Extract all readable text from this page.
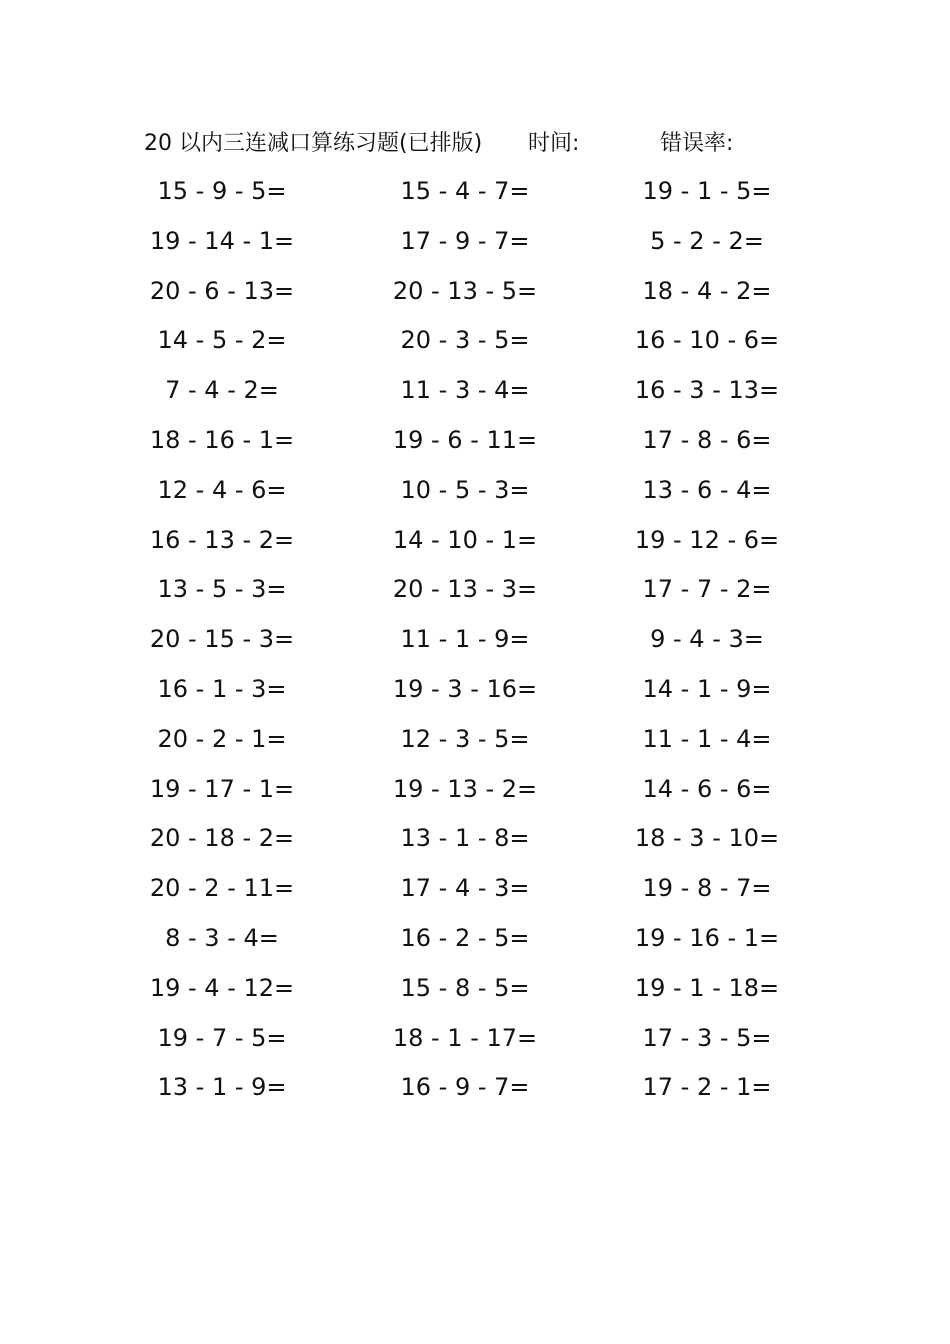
20 以内三连减口算练习题(已排版) 时间:	错误率:
15 - 9 - 5=	15 - 4 - 7=	19 - 1 - 5=
19 - 14 - 1=	17 - 9 - 7=	5 - 2 - 2=
20 - 6 - 13=	20 - 13 - 5=	18 - 4 - 2=
14 - 5 - 2=	20 - 3 - 5=	16 - 10 - 6=
7 - 4 - 2=	11 - 3 - 4=	16 - 3 - 13=
18 - 16 - 1=	19 - 6 - 11=	17 - 8 - 6=
12 - 4 - 6=	10 - 5 - 3=	13 - 6 - 4=
16 - 13 - 2=	14 - 10 - 1=	19 - 12 - 6=
13 - 5 - 3=	20 - 13 - 3=	17 - 7 - 2=
20 - 15 - 3=	11 - 1 - 9=	9 - 4 - 3=
16 - 1 - 3=	19 - 3 - 16=	14 - 1 - 9=
20 - 2 - 1=	12 - 3 - 5=	11 - 1 - 4=
19 - 17 - 1=	19 - 13 - 2=	14 - 6 - 6=
20 - 18 - 2=	13 - 1 - 8=	18 - 3 - 10=
20 - 2 - 11=	17 - 4 - 3=	19 - 8 - 7=
8 - 3 - 4=	16 - 2 - 5=	19 - 16 - 1=
19 - 4 - 12=	15 - 8 - 5=	19 - 1 - 18=
19 - 7 - 5=	18 - 1 - 17=	17 - 3 - 5=
13 - 1 - 9=	16 - 9 - 7=	17 - 2 - 1=
